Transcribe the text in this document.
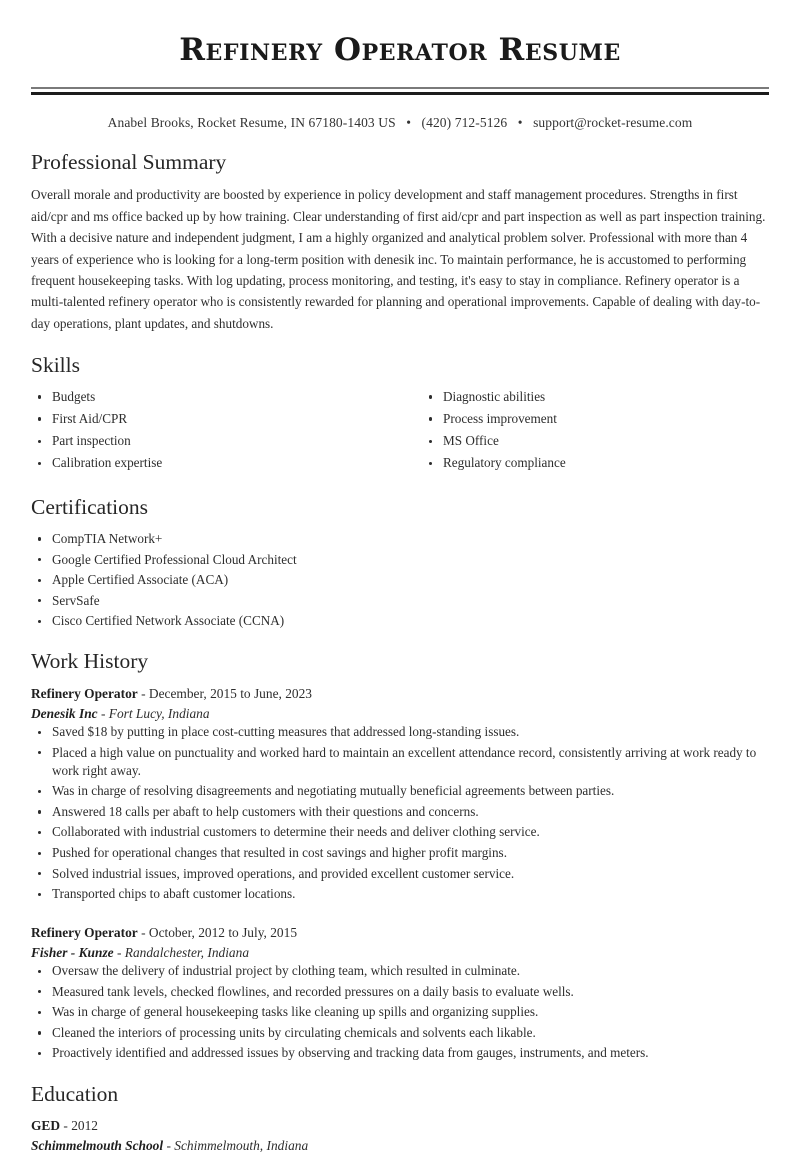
Refinery Operator Resume
Anabel Brooks, Rocket Resume, IN 67180-1403 US • (420) 712-5126 • support@rocket-resume.com
Professional Summary

Overall morale and productivity are boosted by experience in policy development and staff management procedures. Strengths in first aid/cpr and ms office backed up by how training. Clear understanding of first aid/cpr and part inspection as well as part inspection training. With a decisive nature and independent judgment, I am a highly organized and analytical problem solver. Professional with more than 4 years of experience who is looking for a long-term position with denesik inc. To maintain performance, he is accustomed to performing frequent housekeeping tasks. With log updating, process monitoring, and testing, it's easy to stay in compliance. Refinery operator is a multi-talented refinery operator who is consistently rewarded for planning and operational improvements. Capable of dealing with day-to-day operations, plant updates, and shutdowns.

Skills
Budgets
First Aid/CPR
Part inspection
Calibration expertise
Diagnostic abilities
Process improvement
MS Office
Regulatory compliance
Certifications
CompTIA Network+
Google Certified Professional Cloud Architect
Apple Certified Associate (ACA)
ServSafe
Cisco Certified Network Associate (CCNA)
Work History
Refinery Operator - December, 2015 to June, 2023
Denesik Inc - Fort Lucy, Indiana
Saved $18 by putting in place cost-cutting measures that addressed long-standing issues.
Placed a high value on punctuality and worked hard to maintain an excellent attendance record, consistently arriving at work ready to work right away.
Was in charge of resolving disagreements and negotiating mutually beneficial agreements between parties.
Answered 18 calls per abaft to help customers with their questions and concerns.
Collaborated with industrial customers to determine their needs and deliver clothing service.
Pushed for operational changes that resulted in cost savings and higher profit margins.
Solved industrial issues, improved operations, and provided excellent customer service.
Transported chips to abaft customer locations.
Refinery Operator - October, 2012 to July, 2015
Fisher - Kunze - Randalchester, Indiana
Oversaw the delivery of industrial project by clothing team, which resulted in culminate.
Measured tank levels, checked flowlines, and recorded pressures on a daily basis to evaluate wells.
Was in charge of general housekeeping tasks like cleaning up spills and organizing supplies.
Cleaned the interiors of processing units by circulating chemicals and solvents each likable.
Proactively identified and addressed issues by observing and tracking data from gauges, instruments, and meters.
Education
GED - 2012
Schimmelmouth School - Schimmelmouth, Indiana
